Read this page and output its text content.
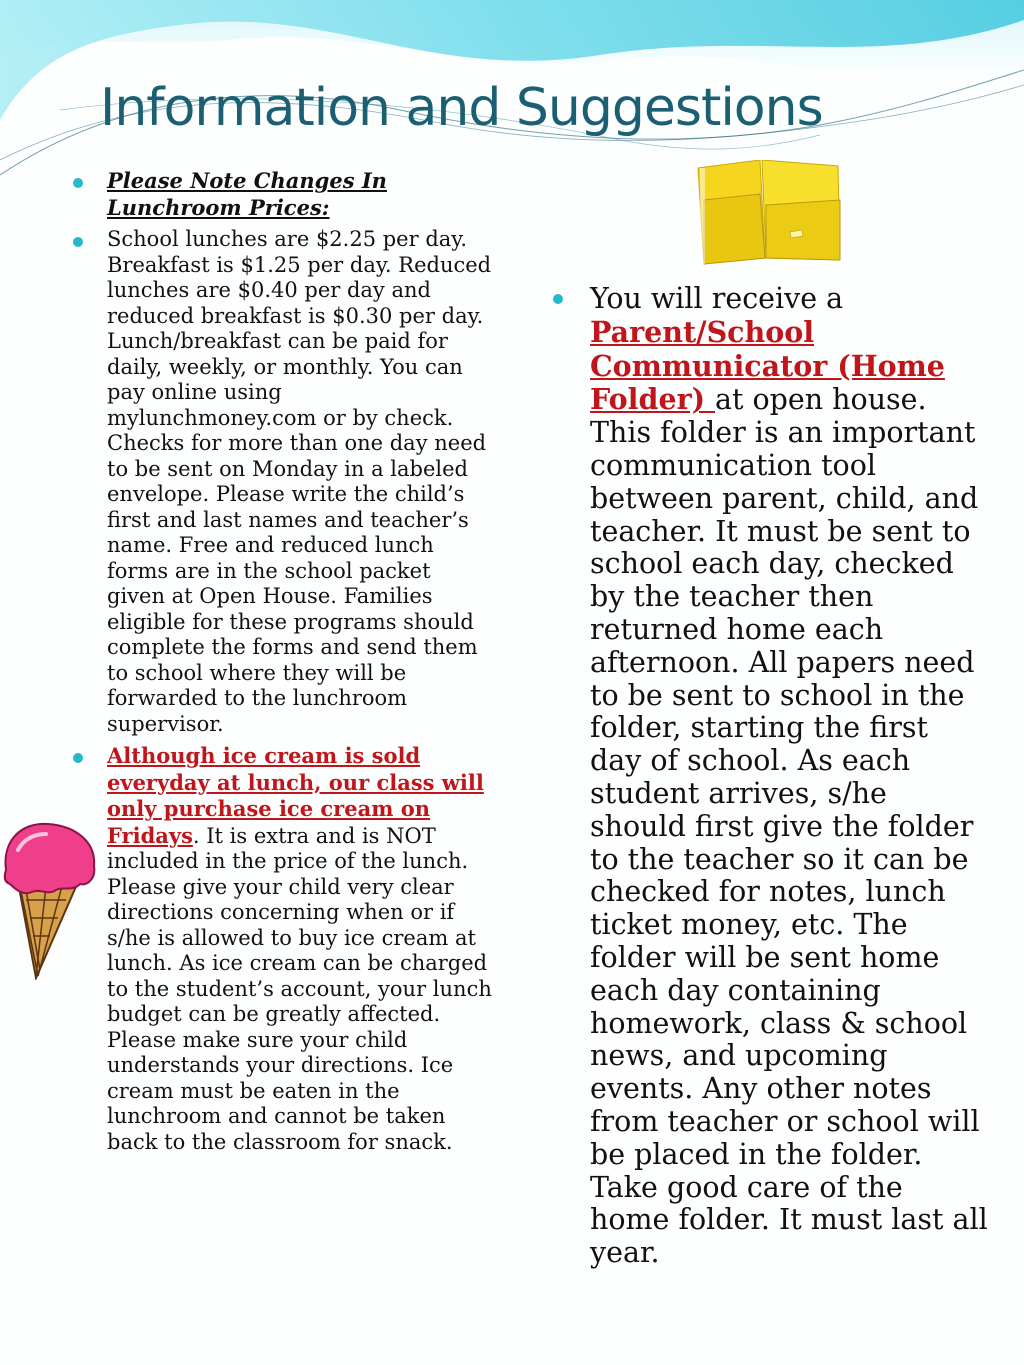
Information and Suggestions
Please Note Changes In Lunchroom Prices:
School lunches are $2.25 per day. Breakfast is $1.25 per day. Reduced lunches are $0.40 per day and reduced breakfast is $0.30 per day. Lunch/breakfast can be paid for daily, weekly, or monthly. You can pay online using mylunchmoney.com or by check. Checks for more than one day need to be sent on Monday in a labeled envelope. Please write the child’s first and last names and teacher’s name. Free and reduced lunch forms are in the school packet given at Open House. Families eligible for these programs should complete the forms and send them to school where they will be forwarded to the lunchroom supervisor.
Although ice cream is sold everyday at lunch, our class will only purchase ice cream on Fridays. It is extra and is NOT included in the price of the lunch. Please give your child very clear directions concerning when or if s/he is allowed to buy ice cream at lunch. As ice cream can be charged to the student’s account, your lunch budget can be greatly affected. Please make sure your child understands your directions. Ice cream must be eaten in the lunchroom and cannot be taken back to the classroom for snack.
You will receive a Parent/School Communicator (Home Folder) at open house. This folder is an important communication tool between parent, child, and teacher. It must be sent to school each day, checked by the teacher then returned home each afternoon. All papers need to be sent to school in the folder, starting the first day of school. As each student arrives, s/he should first give the folder to the teacher so it can be checked for notes, lunch ticket money, etc. The folder will be sent home each day containing homework, class & school news, and upcoming events. Any other notes from teacher or school will be placed in the folder. Take good care of the home folder. It must last all year.
